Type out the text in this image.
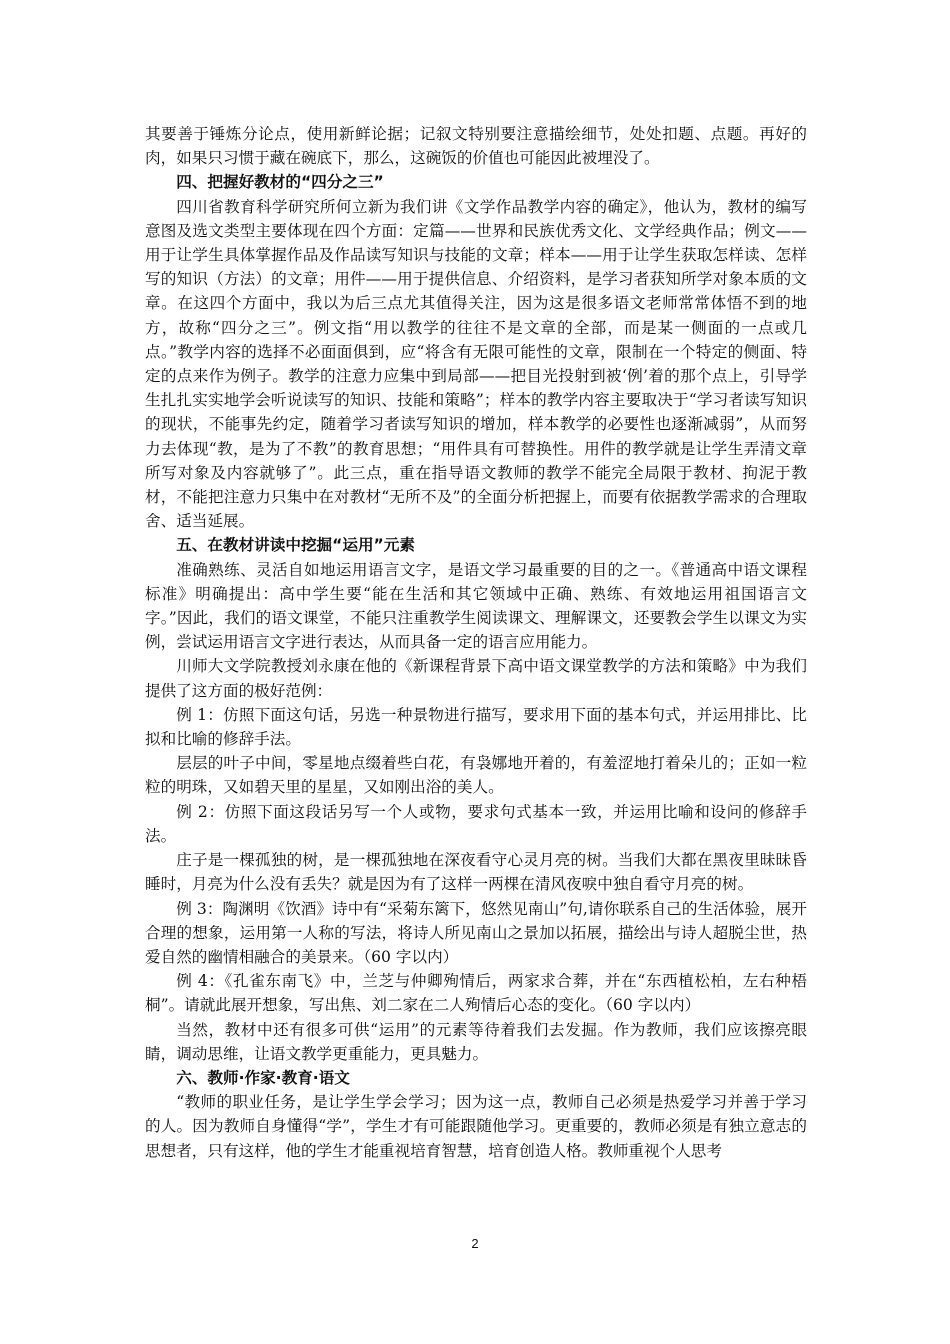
其要善于锤炼分论点，使用新鲜论据；记叙文特别要注意描绘细节，处处扣题、点题。再好的肉，如果只习惯于藏在碗底下，那么，这碗饭的价值也可能因此被埋没了。

四、把握好教材的“四分之三”

四川省教育科学研究所何立新为我们讲《文学作品教学内容的确定》，他认为，教材的编写意图及选文类型主要体现在四个方面：定篇——世界和民族优秀文化、文学经典作品；例文——用于让学生具体掌握作品及作品读写知识与技能的文章；样本——用于让学生获取怎样读、怎样写的知识（方法）的文章；用件——用于提供信息、介绍资料，是学习者获知所学对象本质的文章。在这四个方面中，我以为后三点尤其值得关注，因为这是很多语文老师常常体悟不到的地方，故称“四分之三”。例文指“用以教学的往往不是文章的全部，而是某一侧面的一点或几点。”教学内容的选择不必面面俱到，应“将含有无限可能性的文章，限制在一个特定的侧面、特定的点来作为例子。教学的注意力应集中到局部——把目光投射到被‘例’着的那个点上，引导学生扎扎实实地学会听说读写的知识、技能和策略”；样本的教学内容主要取决于“学习者读写知识的现状，不能事先约定，随着学习者读写知识的增加，样本教学的必要性也逐渐减弱”，从而努力去体现“教，是为了不教”的教育思想；“用件具有可替换性。用件的教学就是让学生弄清文章所写对象及内容就够了”。此三点，重在指导语文教师的教学不能完全局限于教材、拘泥于教材，不能把注意力只集中在对教材“无所不及”的全面分析把握上，而要有依据教学需求的合理取舍、适当延展。

五、在教材讲读中挖掘“运用”元素

准确熟练、灵活自如地运用语言文字，是语文学习最重要的目的之一。《普通高中语文课程标准》明确提出：高中学生要“能在生活和其它领域中正确、熟练、有效地运用祖国语言文字。”因此，我们的语文课堂，不能只注重教学生阅读课文、理解课文，还要教会学生以课文为实例，尝试运用语言文字进行表达，从而具备一定的语言应用能力。

川师大文学院教授刘永康在他的《新课程背景下高中语文课堂教学的方法和策略》中为我们提供了这方面的极好范例：

例 1：仿照下面这句话，另选一种景物进行描写，要求用下面的基本句式，并运用排比、比拟和比喻的修辞手法。

层层的叶子中间，零星地点缀着些白花，有袅娜地开着的，有羞涩地打着朵儿的；正如一粒粒的明珠，又如碧天里的星星，又如刚出浴的美人。

例 2：仿照下面这段话另写一个人或物，要求句式基本一致，并运用比喻和设问的修辞手法。

庄子是一棵孤独的树，是一棵孤独地在深夜看守心灵月亮的树。当我们大都在黑夜里昧昧昏睡时，月亮为什么没有丢失？就是因为有了这样一两棵在清风夜唳中独自看守月亮的树。

例 3：陶渊明《饮酒》诗中有“采菊东篱下，悠然见南山”句,请你联系自己的生活体验，展开合理的想象，运用第一人称的写法，将诗人所见南山之景加以拓展，描绘出与诗人超脱尘世，热爱自然的幽情相融合的美景来。（60 字以内）

例 4：《孔雀东南飞》中，兰芝与仲卿殉情后，两家求合葬，并在“东西植松柏，左右种梧桐”。请就此展开想象，写出焦、刘二家在二人殉情后心态的变化。（60 字以内）

当然，教材中还有很多可供“运用”的元素等待着我们去发掘。作为教师，我们应该擦亮眼睛，调动思维，让语文教学更重能力，更具魅力。

六、教师·作家·教育·语文

“教师的职业任务，是让学生学会学习；因为这一点，教师自己必须是热爱学习并善于学习的人。因为教师自身懂得“学”，学生才有可能跟随他学习。更重要的，教师必须是有独立意志的思想者，只有这样，他的学生才能重视培育智慧，培育创造人格。教师重视个人思考

2
